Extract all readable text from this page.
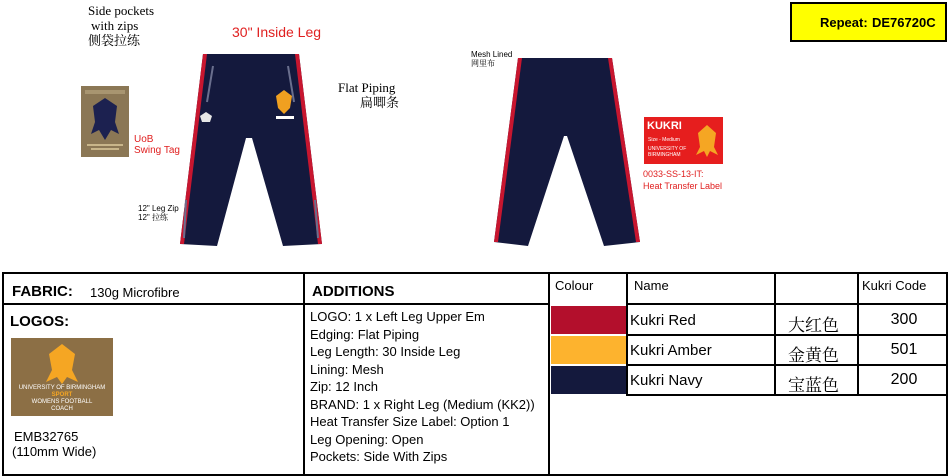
Repeat: DE76720C
Side pockets
with zips
侧袋拉练
30" Inside Leg
Flat Piping
扁唧条
Mesh Lined
网里布
UoB
Swing Tag
12" Leg Zip
12" 拉练
0033-SS-13-IT:
Heat Transfer Label
KUKRI
Size - Medium
UNIVERSITY OF
BIRMINGHAM
FABRIC: 130g Microfibre
LOGOS:
UNIVERSITY OF BIRMINGHAM
SPORT
WOMENS FOOTBALL
COACH
EMB32765
(110mm Wide)
ADDITIONS
LOGO: 1 x Left Leg Upper Em
Edging: Flat Piping
Leg Length: 30 Inside Leg
Lining: Mesh
Zip: 12 Inch
BRAND: 1 x Right Leg (Medium (KK2))
Heat Transfer Size Label: Option 1
Leg Opening: Open
Pockets: Side With Zips
Colour	Name	Kukri Code
Kukri Red	大红色	300
Kukri Amber	金黄色	501
Kukri Navy	宝蓝色	200
